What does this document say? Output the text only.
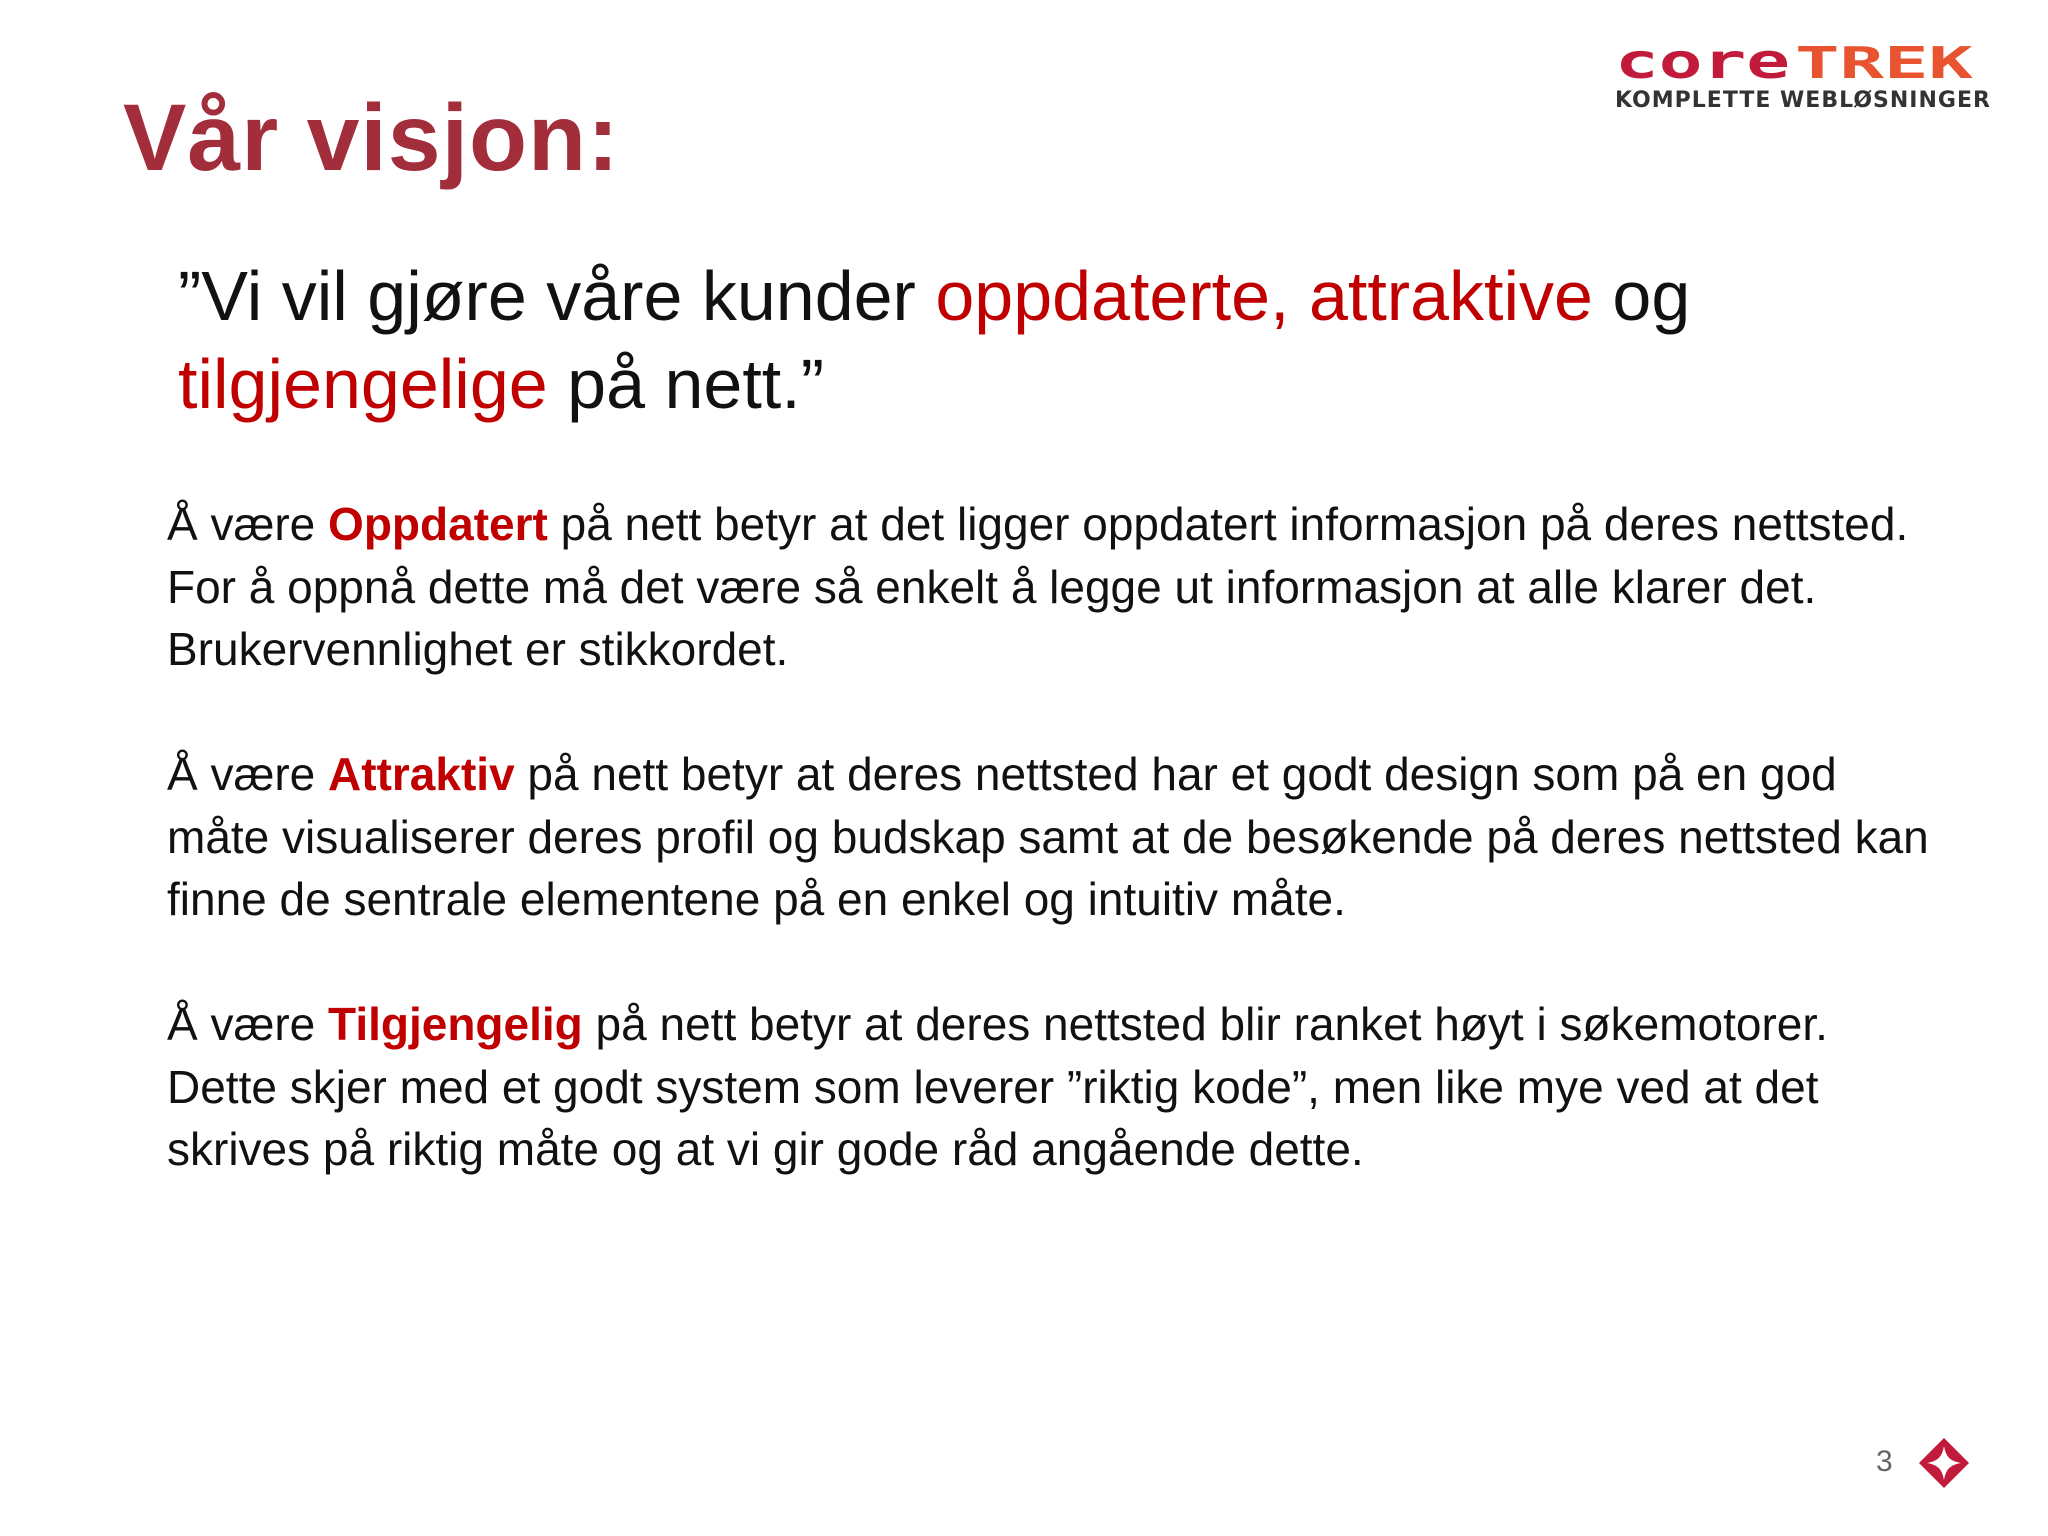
Vår visjon:
core TREK
KOMPLETTE WEBLØSNINGER

”Vi vil gjøre våre kunder oppdaterte, attraktive og tilgjengelige på nett.”

Å være Oppdatert på nett betyr at det ligger oppdatert informasjon på deres nettsted. For å oppnå dette må det være så enkelt å legge ut informasjon at alle klarer det. Brukervennlighet er stikkordet.

Å være Attraktiv på nett betyr at deres nettsted har et godt design som på en god måte visualiserer deres profil og budskap samt at de besøkende på deres nettsted kan finne de sentrale elementene på en enkel og intuitiv måte.

Å være Tilgjengelig på nett betyr at deres nettsted blir ranket høyt i søkemotorer. Dette skjer med et godt system som leverer ”riktig kode”, men like mye ved at det skrives på riktig måte og at vi gir gode råd angående dette.

3
